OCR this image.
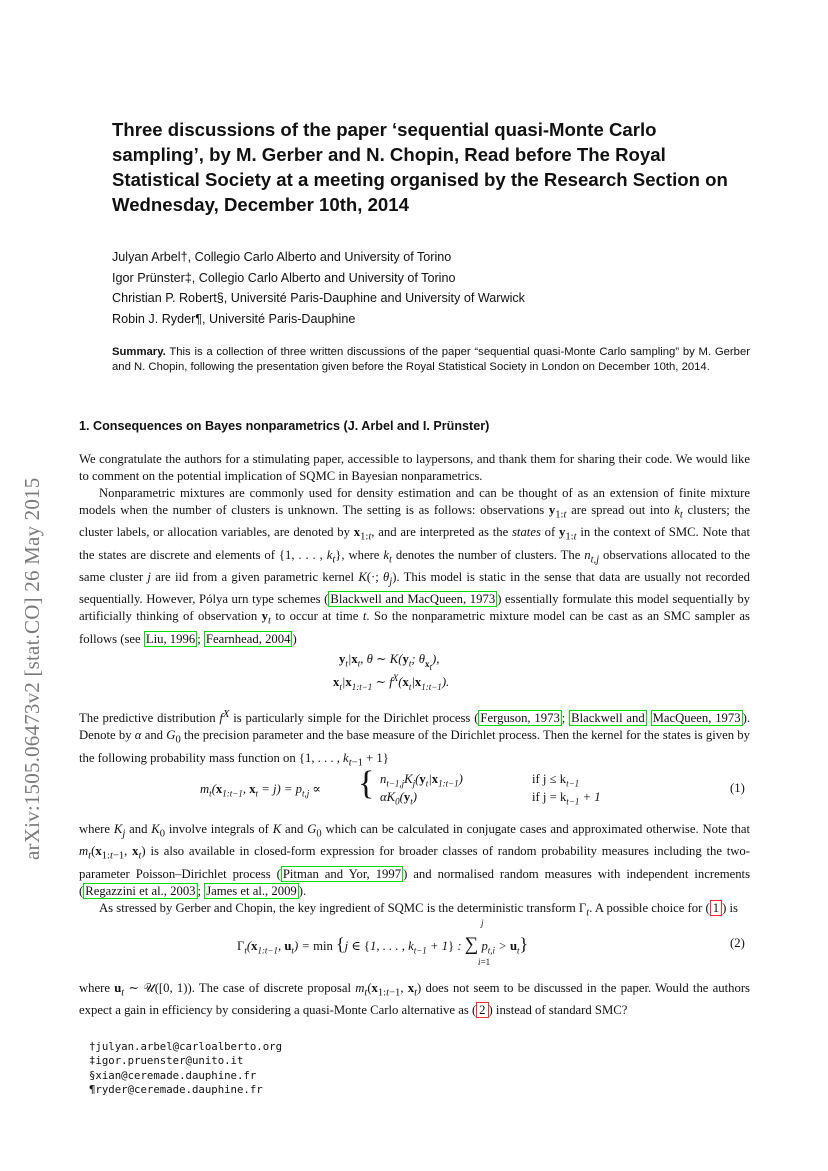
arXiv:1505.06473v2 [stat.CO] 26 May 2015
Three discussions of the paper ‘sequential quasi-Monte Carlo sampling’, by M. Gerber and N. Chopin, Read before The Royal Statistical Society at a meeting organised by the Research Section on Wednesday, December 10th, 2014
Julyan Arbel†, Collegio Carlo Alberto and University of Torino
Igor Prünster‡, Collegio Carlo Alberto and University of Torino
Christian P. Robert§, Université Paris-Dauphine and University of Warwick
Robin J. Ryder¶, Université Paris-Dauphine

Summary. This is a collection of three written discussions of the paper “sequential quasi-Monte Carlo sampling” by M. Gerber and N. Chopin, following the presentation given before the Royal Statistical Society in London on December 10th, 2014.

1. Consequences on Bayes nonparametrics (J. Arbel and I. Prünster)

We congratulate the authors for a stimulating paper, accessible to laypersons, and thank them for sharing their code. We would like to comment on the potential implication of SQMC in Bayesian nonparametrics.

Nonparametric mixtures are commonly used for density estimation and can be thought of as an extension of finite mixture models when the number of clusters is unknown. The setting is as follows: observations $y_{1:t}$ are spread out into $k_t$ clusters; the cluster labels, or allocation variables, are denoted by $x_{1:t}$, and are interpreted as the states of $y_{1:t}$ in the context of SMC. Note that the states are discrete and elements of {1, . . . , $k_t$}, where $k_t$ denotes the number of clusters. The $n_{t,j}$ observations allocated to the same cluster j are iid from a given parametric kernel K(·; $\theta_j$). This model is static in the sense that data are usually not recorded sequentially. However, Pólya urn type schemes ( Blackwell and MacQueen, 1973 ) essentially formulate this model sequentially by artificially thinking of observation $y_t$ to occur at time t. So the nonparametric mixture model can be cast as an SMC sampler as follows (see Liu, 1996 ; Fearnhead, 2004 )

$y_t|x_t$, θ ∼ $K(y_t$; $\theta_{x_t}$),
$x_t|x_{1:t-1}$ ∼ $f^X(x_t|x_{1:t-1})$.

The predictive distribution $f^X$ is particularly simple for the Dirichlet process ( Ferguson, 1973 ; Blackwell and MacQueen, 1973 ). Denote by α and $G_0$ the precision parameter and the base measure of the Dirichlet process. Then the kernel for the states is given by the following probability mass function on {1, . . . , $k_{t-1} + 1$}

$m_t(x_{1:t-1}$, $x_t = j) = p_{t,j}$ ∝ { $n_{t-1,j}K_j(y_t|x_{1:t-1})$
$\alpha K_0(y_t)$
if $j \le k_{t-1}$
if $j = k_{t-1} + 1$
(1)

where $K_j$ and $K_0$ involve integrals of K and $G_0$ which can be calculated in conjugate cases and approximated otherwise. Note that $m_t(x_{1:t-1}$, $x_t$) is also available in closed-form expression for broader classes of random probability measures including the two-parameter Poisson–Dirichlet process ( Pitman and Yor, 1997 ) and normalised random measures with independent increments ( Regazzini et al., 2003 ; James et al., 2009 ).

As stressed by Gerber and Chopin, the key ingredient of SQMC is the deterministic transform $\Gamma_t$. A possible choice for ( 1 ) is

$\Gamma_t(x_{1:t-1}$, $u_t) = \min \{j$ ∈ {1, . . . , $k_{t-1} + 1$} : ∑ $p_{t,i} > u_t$}
j
i=1
(2)

where $u_t$ ∼ 𝒰([0, 1)). The case of discrete proposal $m_t(x_{1:t-1}$, $x_t$) does not seem to be discussed in the paper. Would the authors expect a gain in efficiency by considering a quasi-Monte Carlo alternative as ( 2 ) instead of standard SMC?

†julyan.arbel@carloalberto.org
‡igor.pruenster@unito.it
§xian@ceremade.dauphine.fr
¶ryder@ceremade.dauphine.fr
